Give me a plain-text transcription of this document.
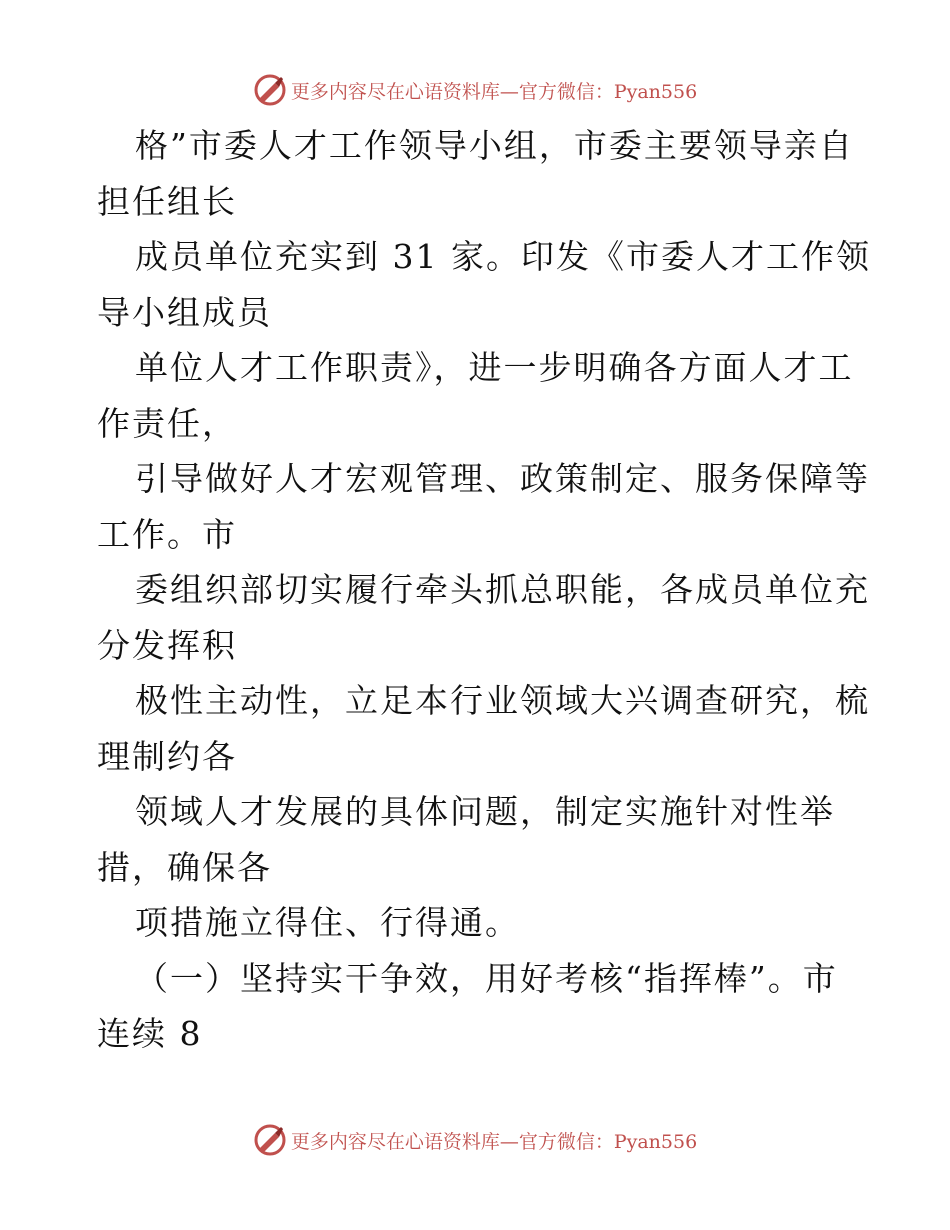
更多内容尽在心语资料库—官方微信：Pyan556

格”市委人才工作领导小组，市委主要领导亲自

担任组长

成员单位充实到 31 家。印发《市委人才工作领

导小组成员

单位人才工作职责》，进一步明确各方面人才工

作责任，

引导做好人才宏观管理、政策制定、服务保障等

工作。市

委组织部切实履行牵头抓总职能，各成员单位充

分发挥积

极性主动性，立足本行业领域大兴调查研究，梳

理制约各

领域人才发展的具体问题，制定实施针对性举

措，确保各

项措施立得住、行得通。

（一）坚持实干争效，用好考核“指挥棒”。市

连续 8

更多内容尽在心语资料库—官方微信：Pyan556
